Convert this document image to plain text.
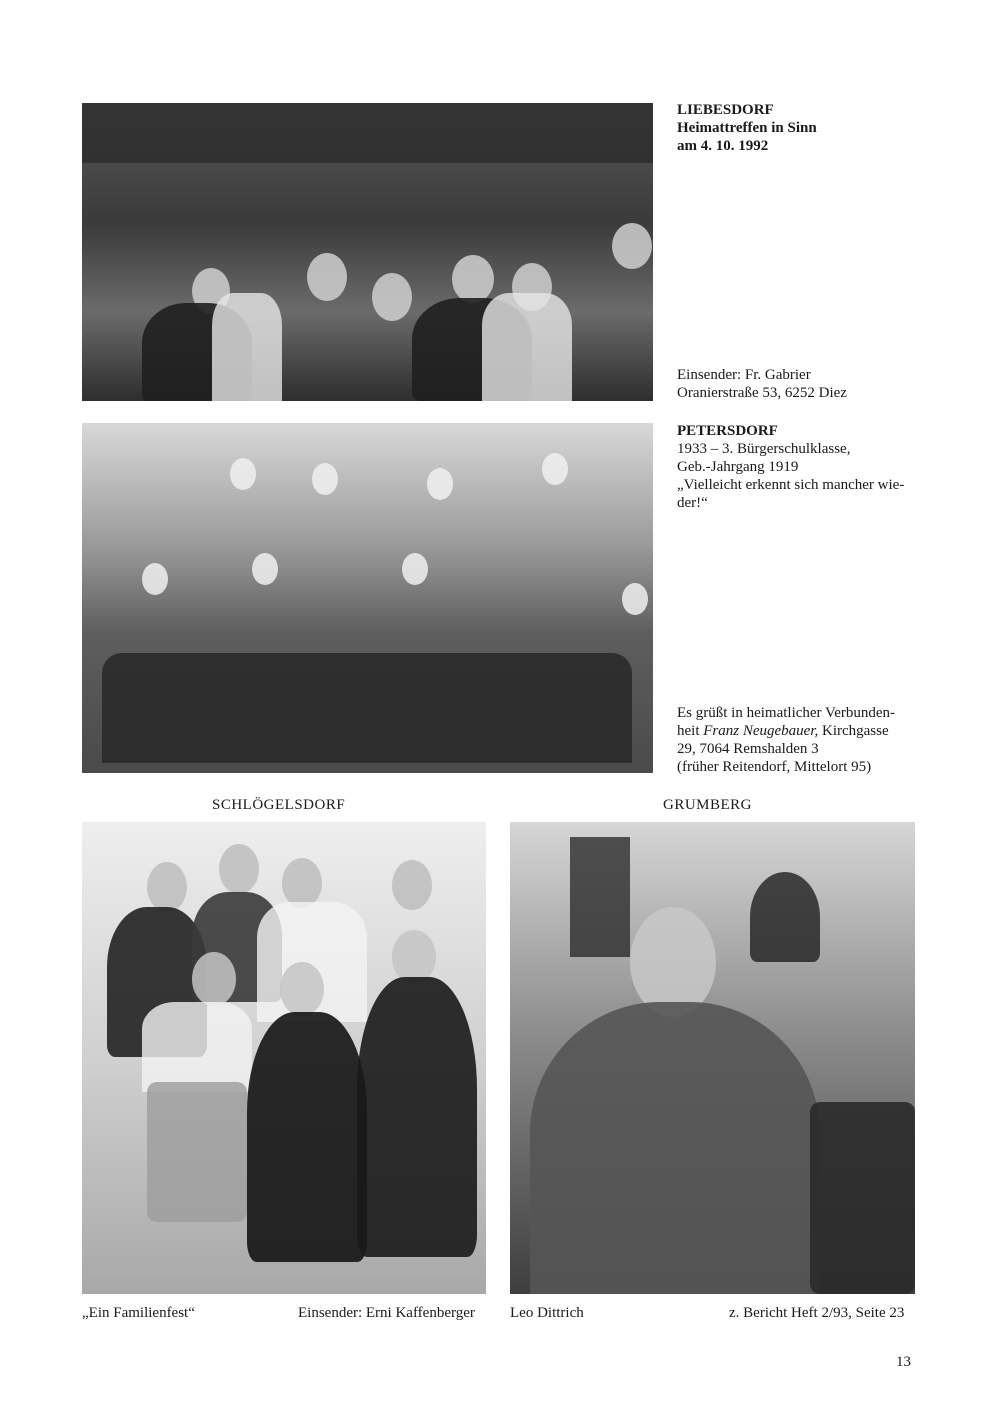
LIEBESDORF
Heimattreffen in Sinn
am 4. 10. 1992
Einsender: Fr. Gabrier
Oranierstraße 53, 6252 Diez
PETERSDORF
1933 – 3. Bürgerschulklasse,
Geb.-Jahrgang 1919
„Vielleicht erkennt sich mancher wie-
der!“
Es grüßt in heimatlicher Verbunden-
heit Franz Neugebauer, Kirchgasse
29, 7064 Remshalden 3
(früher Reitendorf, Mittelort 95)
SCHLÖGELSDORF	GRUMBERG
„Ein Familienfest“	Einsender: Erni Kaffenberger Leo Dittrich	z. Bericht Heft 2/93, Seite 23
13
